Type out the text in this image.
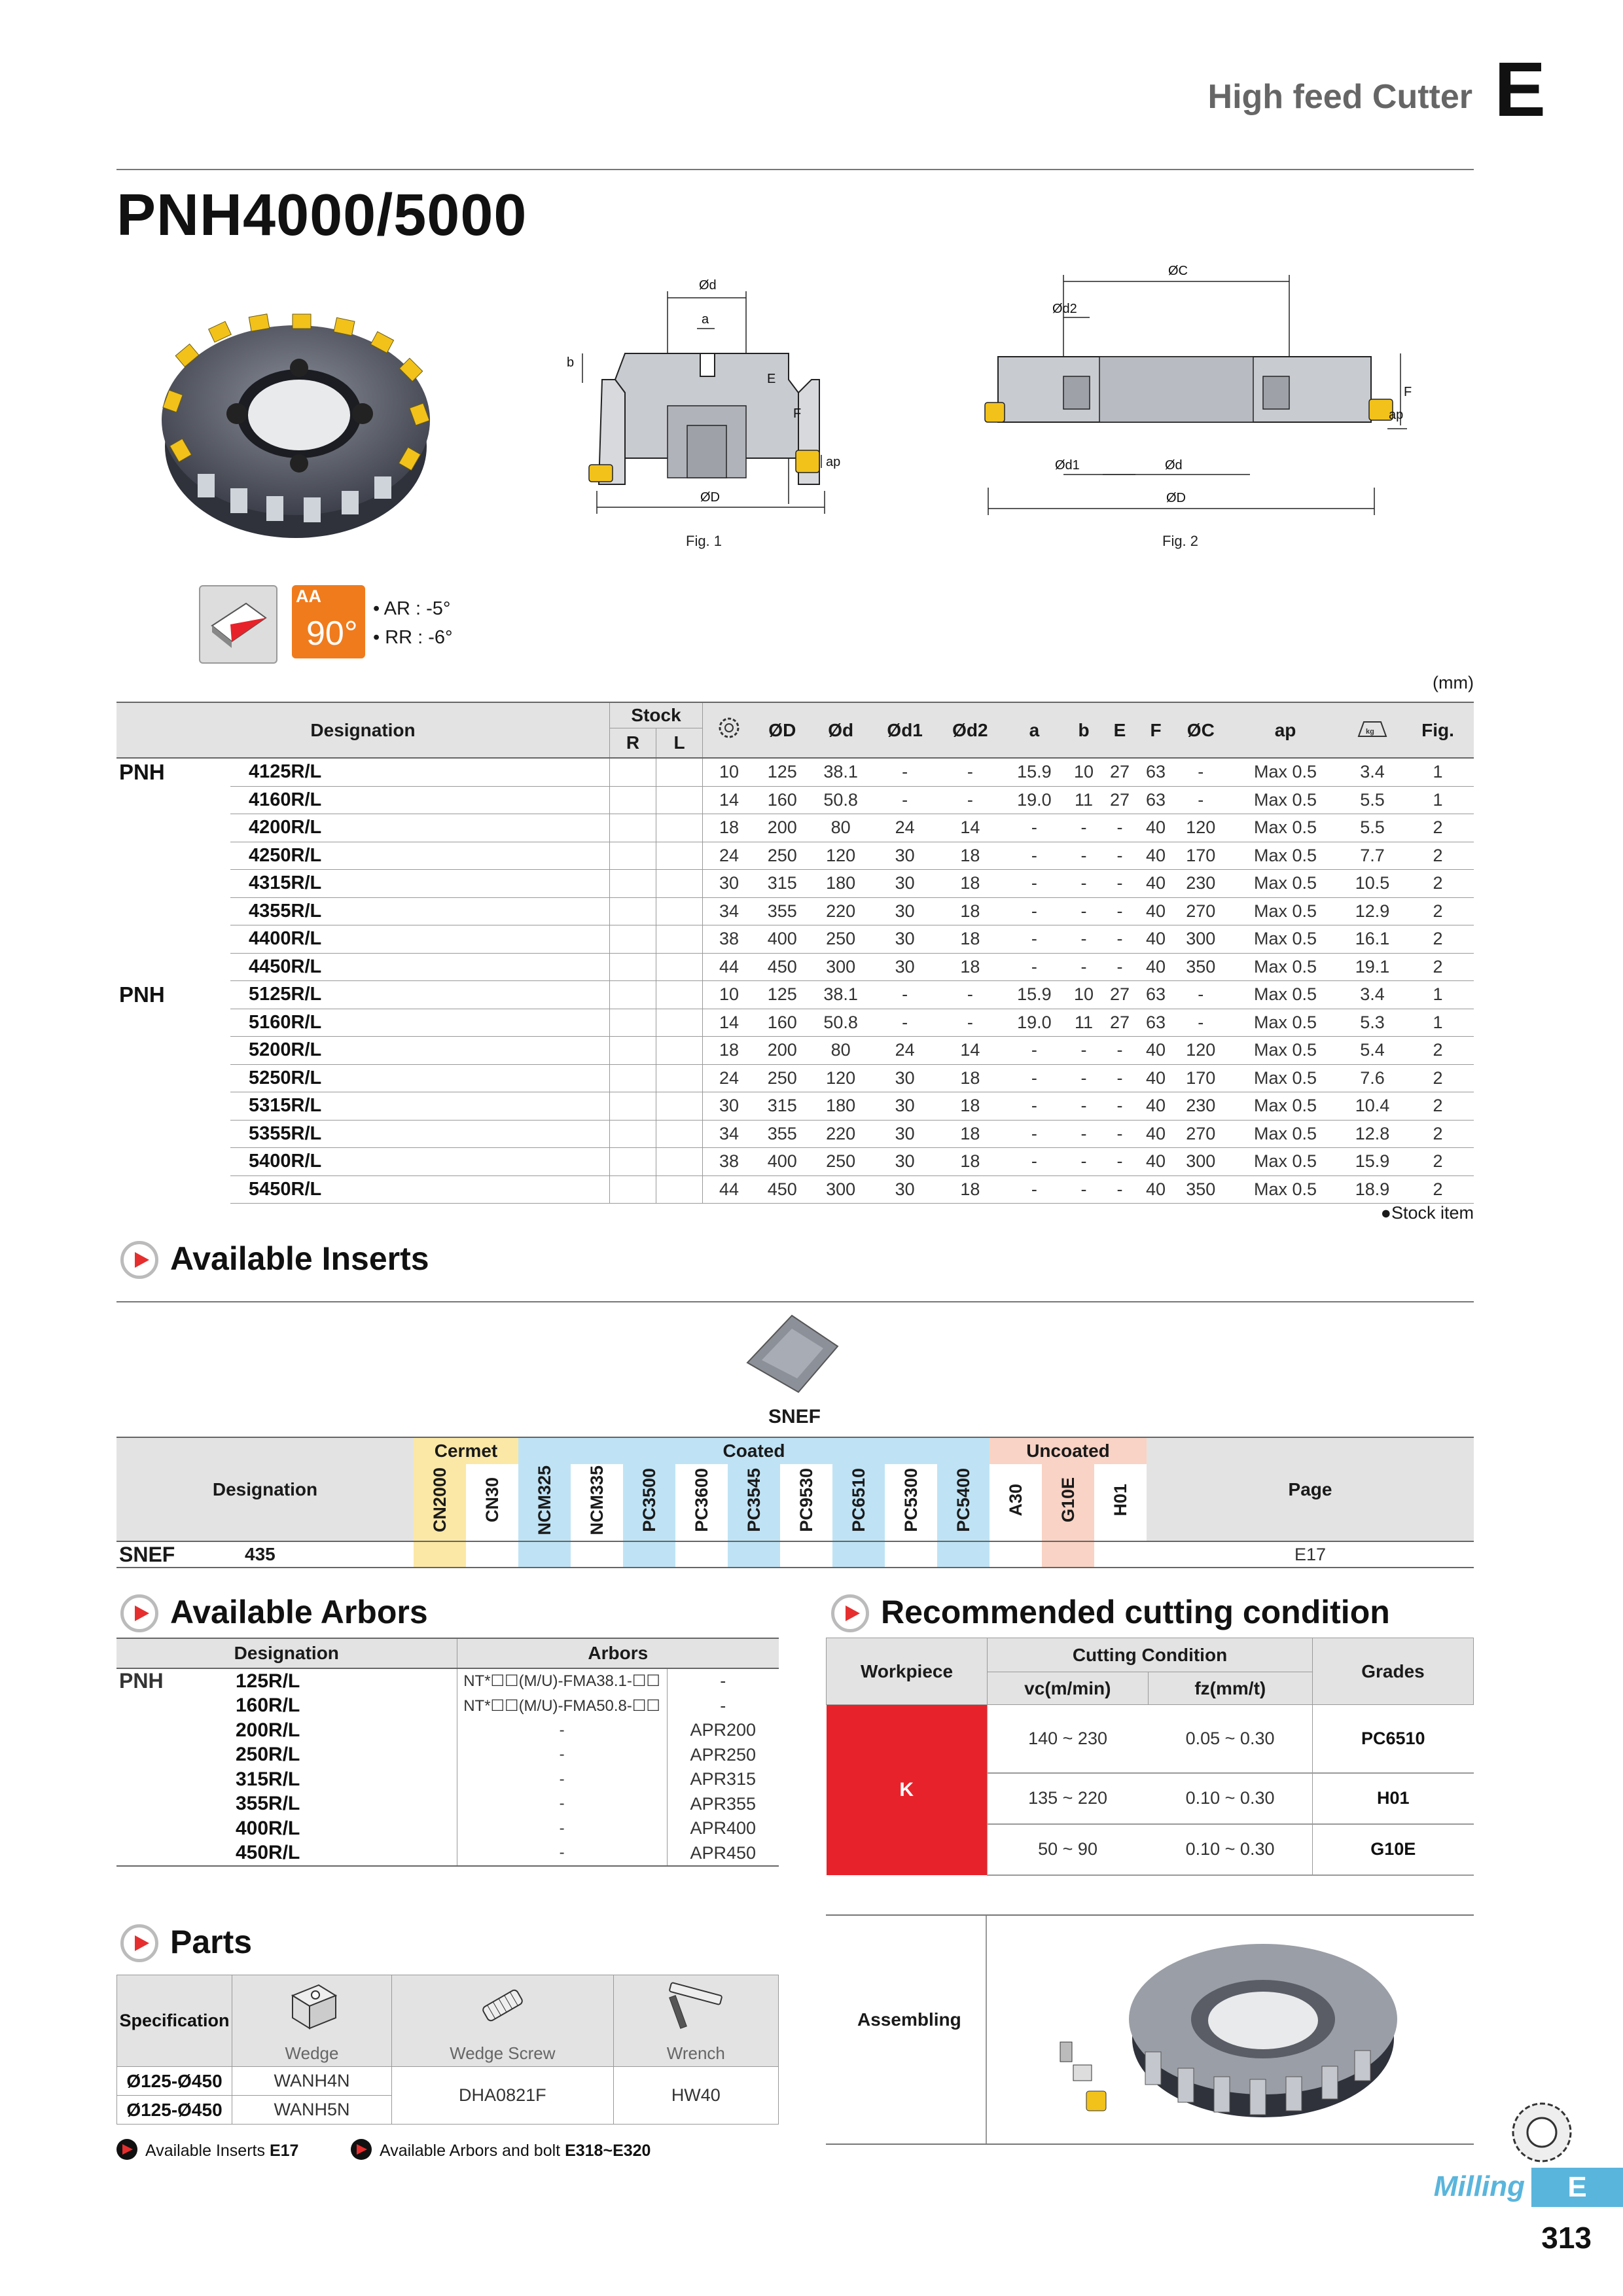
High feed Cutter E
PNH4000/5000
Ød
a
b
E
F
ap
ØD
Fig. 1
ØC
Ød2
Ød1	Ød
F
ap
ØD
Fig. 2
AA
90°
• AR : -5°
• RR : -6°
(mm)
Designation		Stock			ØD	Ød	Ød1	Ød2	a	b	E	F	ØC	ap	kg	Fig.
		R	L													
PNH	4125R/L			10	125	38.1	-	-	15.9	10	27	63	-	Max 0.5	3.4	1
	4160R/L			14	160	50.8	-	-	19.0	11	27	63	-	Max 0.5	5.5	1
	4200R/L			18	200	80	24	14	-	-	-	40	120	Max 0.5	5.5	2
	4250R/L			24	250	120	30	18	-	-	-	40	170	Max 0.5	7.7	2
	4315R/L			30	315	180	30	18	-	-	-	40	230	Max 0.5	10.5	2
	4355R/L			34	355	220	30	18	-	-	-	40	270	Max 0.5	12.9	2
	4400R/L			38	400	250	30	18	-	-	-	40	300	Max 0.5	16.1	2
	4450R/L			44	450	300	30	18	-	-	-	40	350	Max 0.5	19.1	2
PNH	5125R/L			10	125	38.1	-	-	15.9	10	27	63	-	Max 0.5	3.4	1
	5160R/L			14	160	50.8	-	-	19.0	11	27	63	-	Max 0.5	5.3	1
	5200R/L			18	200	80	24	14	-	-	-	40	120	Max 0.5	5.4	2
	5250R/L			24	250	120	30	18	-	-	-	40	170	Max 0.5	7.6	2
	5315R/L			30	315	180	30	18	-	-	-	40	230	Max 0.5	10.4	2
	5355R/L			34	355	220	30	18	-	-	-	40	270	Max 0.5	12.8	2
	5400R/L			38	400	250	30	18	-	-	-	40	300	Max 0.5	15.9	2
	5450R/L			44	450	300	30	18	-	-	-	40	350	Max 0.5	18.9	2
●Stock item
Available Inserts
SNEF
Designation		Cermet		Coated									Uncoated			Page
		CN2000	CN30	NCM325	NCM335	PC3500	PC3600	PC3545	PC9530	PC6510	PC5300	PC5400	A30	G10E	H01	
SNEF	435															E17
Available Arbors
Designation		Arbors	
PNH	125R/L	NT*☐☐(M/U)-FMA38.1-☐☐	-
	160R/L	NT*☐☐(M/U)-FMA50.8-☐☐	-
	200R/L	-	APR200
	250R/L	-	APR250
	315R/L	-	APR315
	355R/L	-	APR355
	400R/L	-	APR400
	450R/L	-	APR450
Recommended cutting condition
Workpiece	Cutting Condition		Grades
	vc(m/min)	fz(mm/t)	
K	140 ~ 230	0.05 ~ 0.30	PC6510
	135 ~ 220	0.10 ~ 0.30	H01
	50 ~ 90	0.10 ~ 0.30	G10E
Assembling
Parts
Specification			
	Wedge	Wedge Screw	Wrench
Ø125-Ø450	WANH4N	DHA0821F	HW40
Ø125-Ø450	WANH5N		
Available Inserts E17	Available Arbors and bolt E318~E320
Milling	E
313
